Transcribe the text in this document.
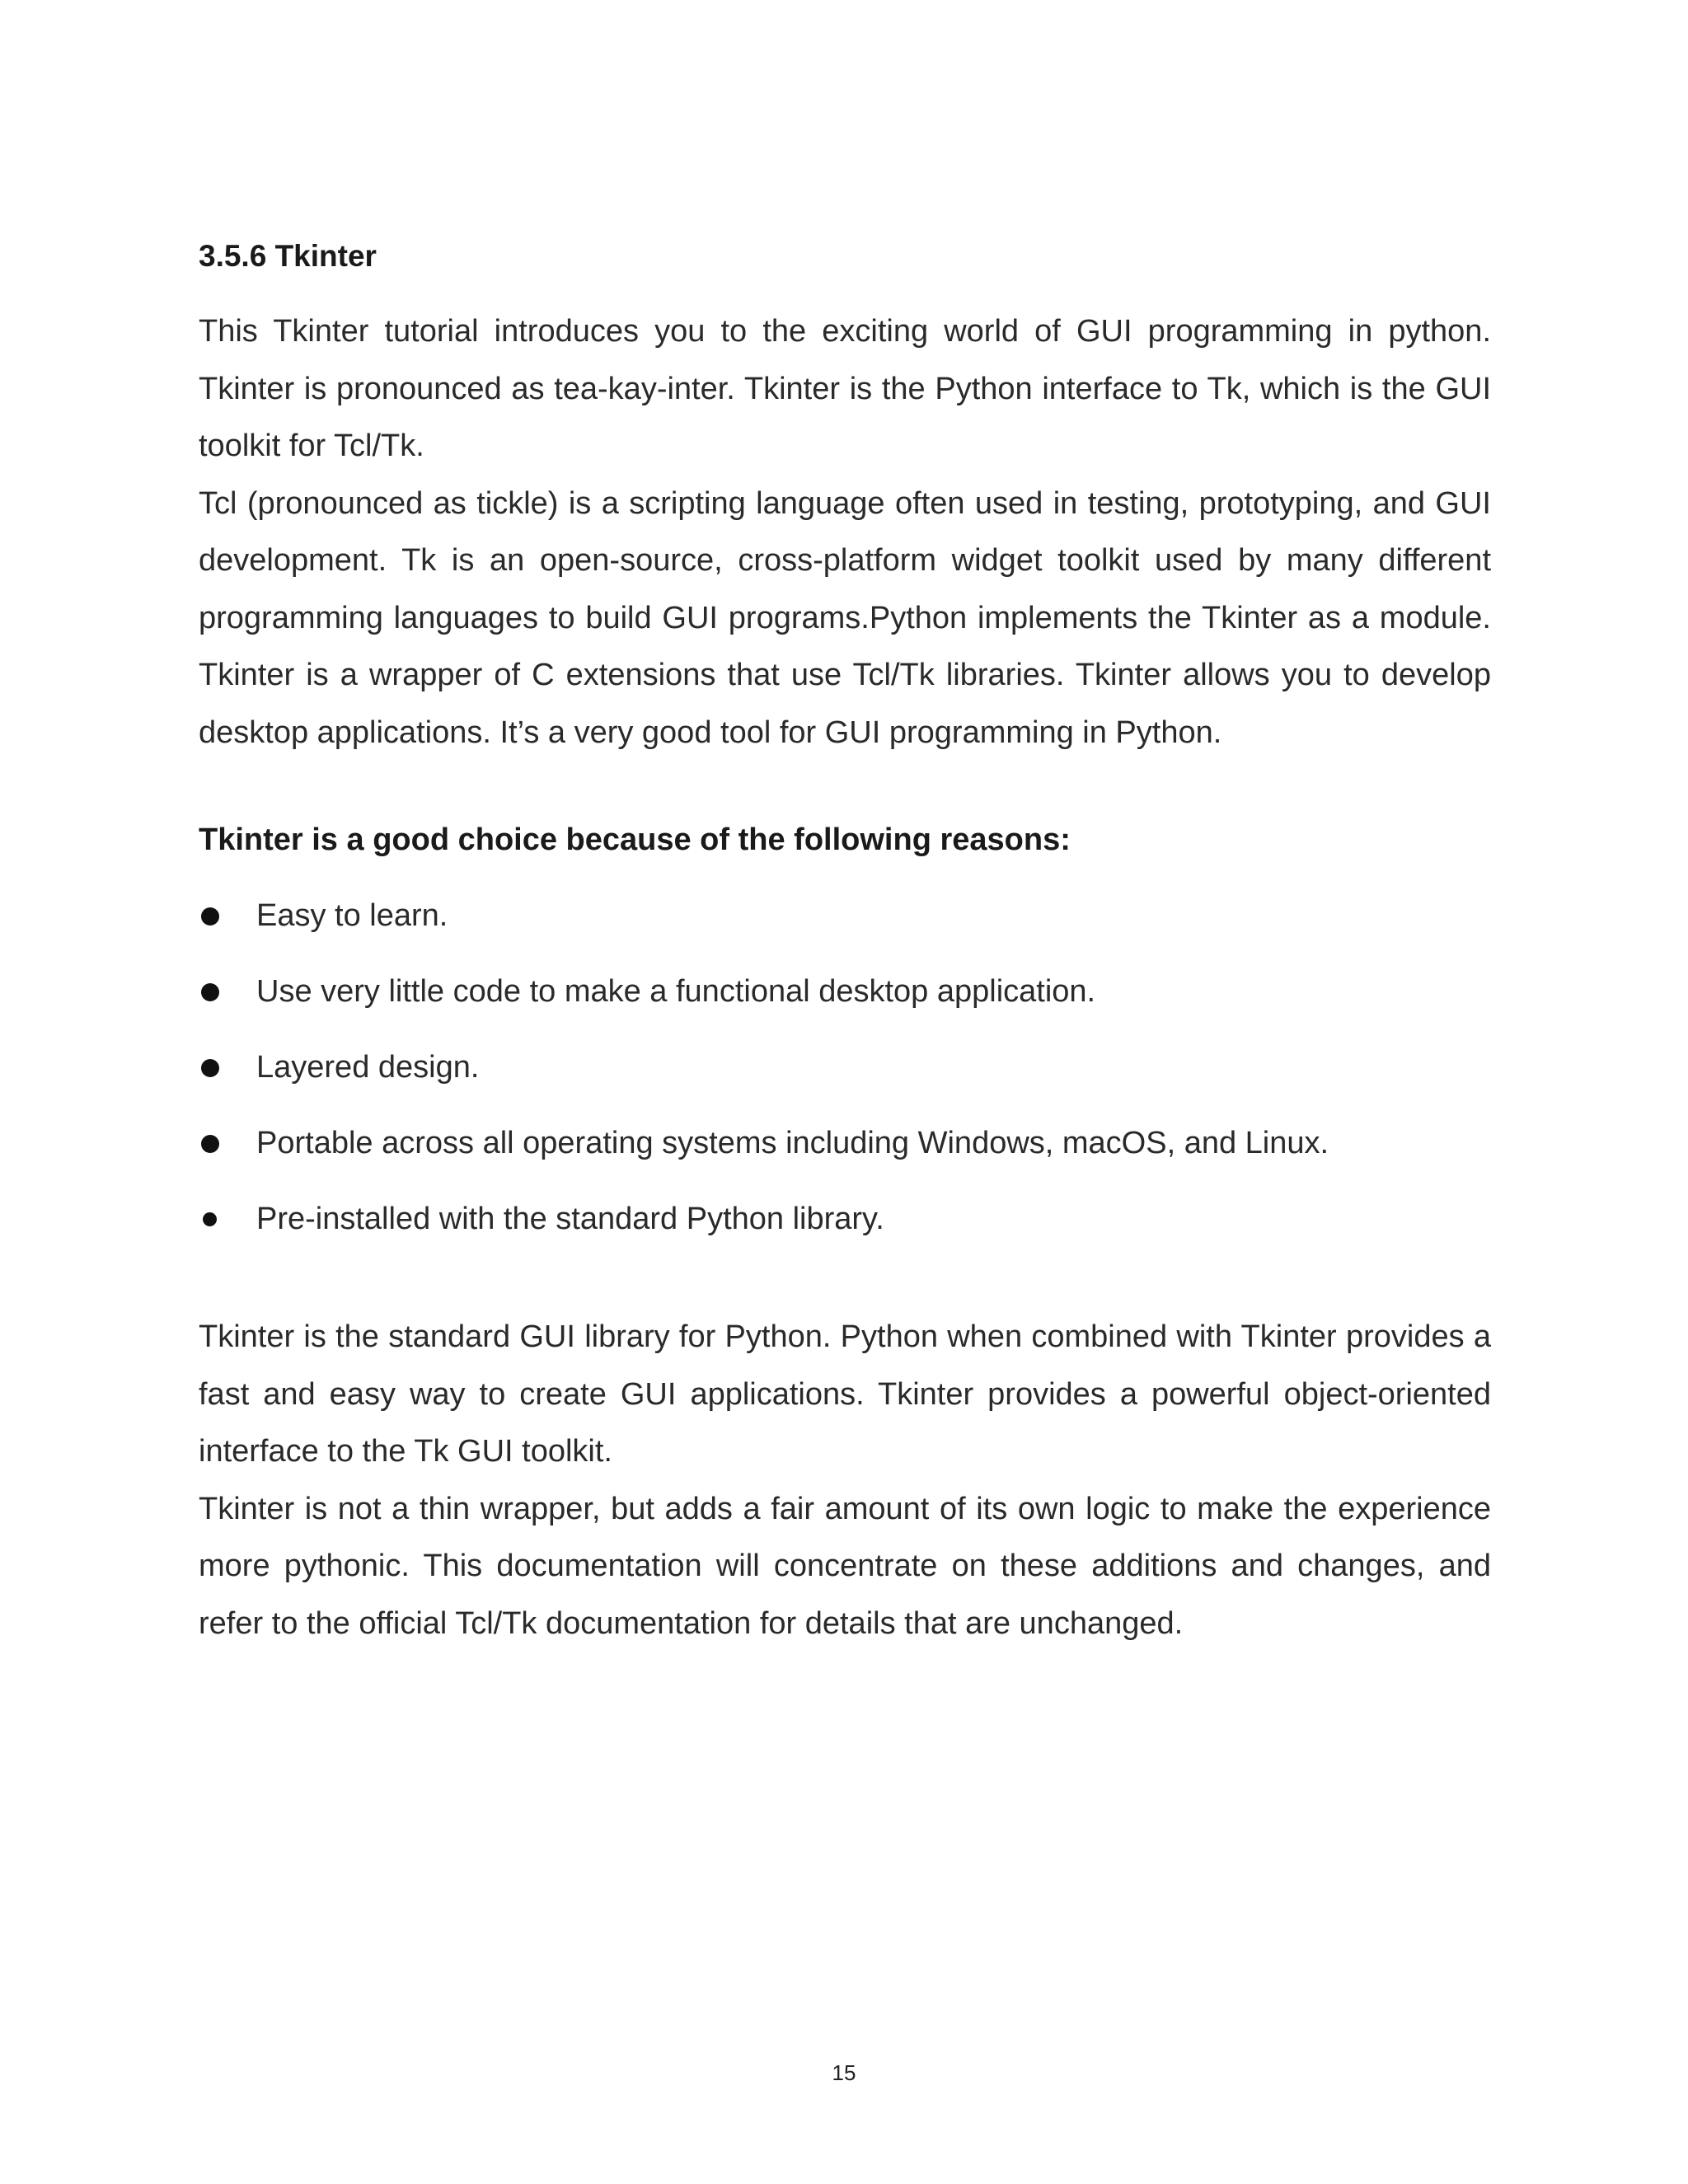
3.5.6 Tkinter

This Tkinter tutorial introduces you to the exciting world of GUI programming in python. Tkinter is pronounced as tea-kay-inter. Tkinter is the Python interface to Tk, which is the GUI toolkit for Tcl/Tk.

Tcl (pronounced as tickle) is a scripting language often used in testing, prototyping, and GUI development. Tk is an open-source, cross-platform widget toolkit used by many different programming languages to build GUI programs.Python implements the Tkinter as a module. Tkinter is a wrapper of C extensions that use Tcl/Tk libraries. Tkinter allows you to develop desktop applications. It’s a very good tool for GUI programming in Python.

Tkinter is a good choice because of the following reasons:
Easy to learn.
Use very little code to make a functional desktop application.
Layered design.
Portable across all operating systems including Windows, macOS, and Linux.
Pre-installed with the standard Python library.

Tkinter is the standard GUI library for Python. Python when combined with Tkinter provides a fast and easy way to create GUI applications. Tkinter provides a powerful object-oriented interface to the Tk GUI toolkit.

Tkinter is not a thin wrapper, but adds a fair amount of its own logic to make the experience more pythonic. This documentation will concentrate on these additions and changes, and refer to the official Tcl/Tk documentation for details that are unchanged.

15
